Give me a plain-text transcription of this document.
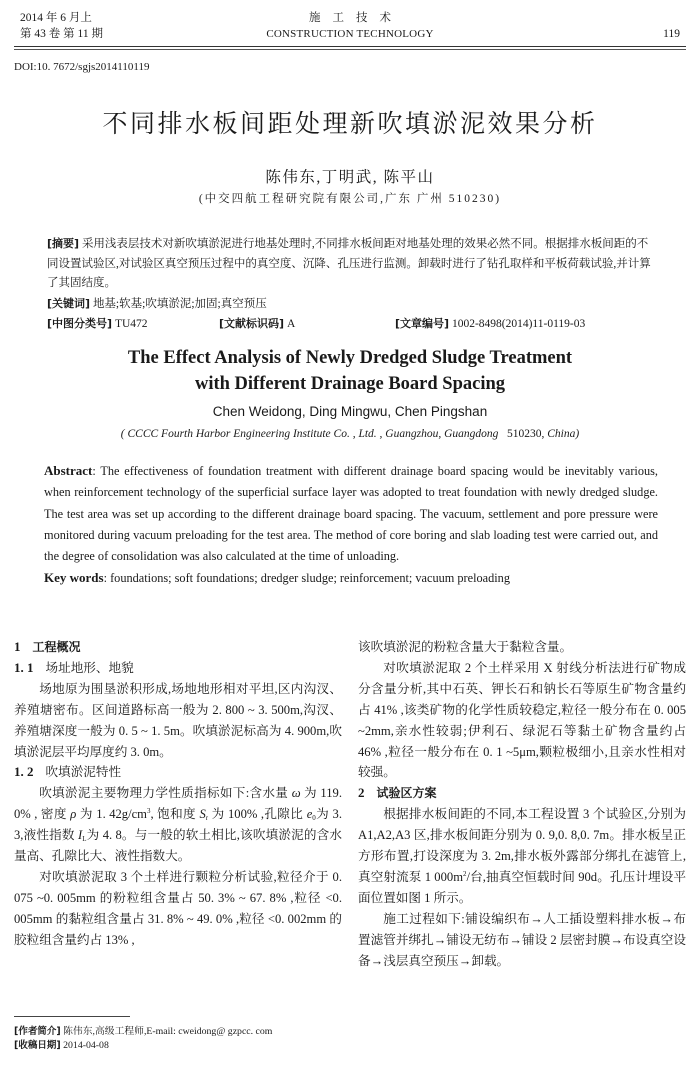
2014 年 6 月上
第 43 卷 第 11 期
施工技术
CONSTRUCTION TECHNOLOGY	119
DOI:10. 7672/sgjs2014110119
不同排水板间距处理新吹填淤泥效果分析
陈伟东,丁明武, 陈平山
(中交四航工程研究院有限公司,广东 广州 510230)

[摘要] 采用浅表层技术对新吹填淤泥进行地基处理时,不同排水板间距对地基处理的效果必然不同。根据排水板间距的不同设置试验区,对试验区真空预压过程中的真空度、沉降、孔压进行监测。卸载时进行了钻孔取样和平板荷载试验,并计算了其固结度。

[关键词] 地基;软基;吹填淤泥;加固;真空预压

[中图分类号] TU472	[文献标识码] A	[文章编号] 1002-8498(2014)11-0119-03
The Effect Analysis of Newly Dredged Sludge Treatment
with Different Drainage Board Spacing
Chen Weidong, Ding Mingwu, Chen Pingshan
( CCCC Fourth Harbor Engineering Institute Co. , Ltd. , Guangzhou, Guangdong 510230, China)

Abstract: The effectiveness of foundation treatment with different drainage board spacing would be inevitably various, when reinforcement technology of the superficial surface layer was adopted to treat foundation with newly dredged sludge. The test area was set up according to the different drainage board spacing. The vacuum, settlement and pore pressure were monitored during vacuum preloading for the test area. The method of core boring and slab loading test were carried out, and the degree of consolidation was also calculated at the time of unloading.

Key words: foundations; soft foundations; dredger sludge; reinforcement; vacuum preloading

1 工程概况

1. 1 场址地形、地貌

场地原为围垦淤积形成,场地地形相对平坦,区内沟汊、养殖塘密布。区间道路标高一般为 2. 800 ~ 3. 500m,沟汊、养殖塘深度一般为 0. 5 ~ 1. 5m。吹填淤泥标高为 4. 900m,吹填淤泥层平均厚度约 3. 0m。

1. 2 吹填淤泥特性

吹填淤泥主要物理力学性质指标如下:含水量 ω 为 119. 0% , 密度 ρ 为 1. $42g/cm^3$, 饱和度 $S_r$ 为 100% ,孔隙比 $e_0$为 3. 3,液性指数 $I_L$为 4. 8。与一般的软土相比,该吹填淤泥的含水量高、孔隙比大、液性指数大。

对吹填淤泥取 3 个土样进行颗粒分析试验,粒径介于 0. 075 ~0. 005mm 的粉粒组含量占 50. 3% ~ 67. 8% ,粒径 <0. 005mm 的黏粒组含量占 31. 8% ~ 49. 0% ,粒径 <0. 002mm 的胶粒组含量约占 13% ,

该吹填淤泥的粉粒含量大于黏粒含量。

对吹填淤泥取 2 个土样采用 X 射线分析法进行矿物成分含量分析,其中石英、钾长石和钠长石等原生矿物含量约占 41% ,该类矿物的化学性质较稳定,粒径一般分布在 0. 005 ~2mm,亲水性较弱;伊利石、绿泥石等黏土矿物含量约占 46% ,粒径一般分布在 0. 1 ~5μm,颗粒极细小,且亲水性相对较强。

2 试验区方案

根据排水板间距的不同,本工程设置 3 个试验区,分别为 A1,A2,A3 区,排水板间距分别为 0. 9,0. 8,0. 7m。排水板呈正方形布置,打设深度为 3. 2m,排水板外露部分绑扎在滤管上,真空射流泵 1 $000m^2/$台,抽真空恒载时间 90d。孔压计埋设平面位置如图 1 所示。

施工过程如下:铺设编织布→人工插设塑料排水板→布置滤管并绑扎→铺设无纺布→铺设 2 层密封膜→布设真空设备→浅层真空预压→卸载。

[作者简介] 陈伟东,高级工程师,E-mail: cweidong@ gzpcc. com
[收稿日期] 2014-04-08
